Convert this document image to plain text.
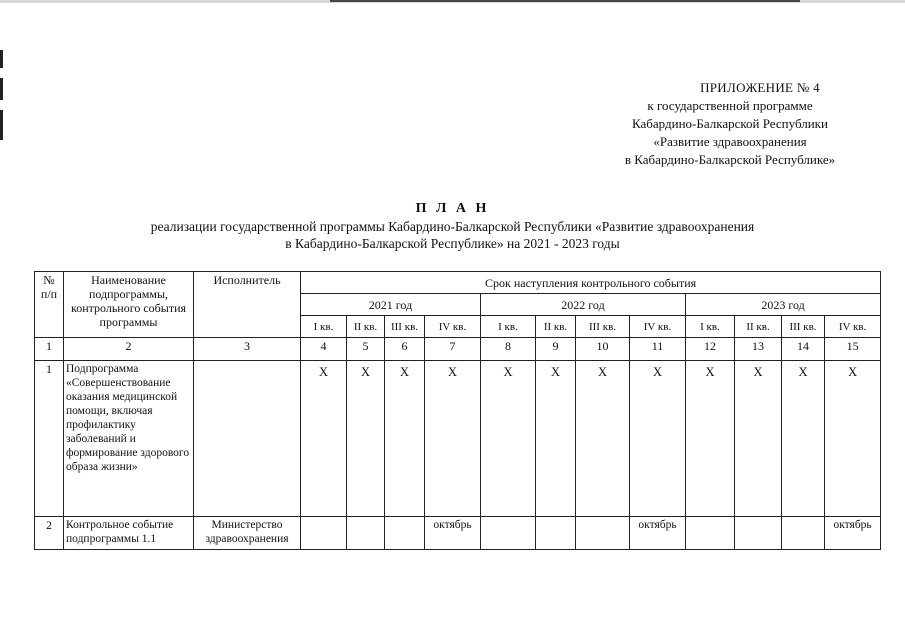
ПРИЛОЖЕНИЕ № 4
к государственной программе
Кабардино-Балкарской Республики
«Развитие здравоохранения
в Кабардино-Балкарской Республике»
П Л А Н
реализации государственной программы Кабардино-Балкарской Республики «Развитие здравоохранения
в Кабардино-Балкарской Республике» на 2021 - 2023 годы
№ п/п	Наименование подпрограммы, контрольного события программы	Исполнитель	Срок наступления контрольного события											
			2021 год				2022 год				2023 год			
			I кв.	II кв.	III кв.	IV кв.	I кв.	II кв.	III кв.	IV кв.	I кв.	II кв.	III кв.	IV кв.
1	2	3	4	5	6	7	8	9	10	11	12	13	14	15
1	Подпрограмма «Совершенствование оказания медицинской помощи, включая профилактику заболеваний и формирование здорового образа жизни»		X	X	X	X	X	X	X	X	X	X	X	X
2	Контрольное событие подпрограммы 1.1	Министерство здравоохранения				октябрь				октябрь				октябрь
